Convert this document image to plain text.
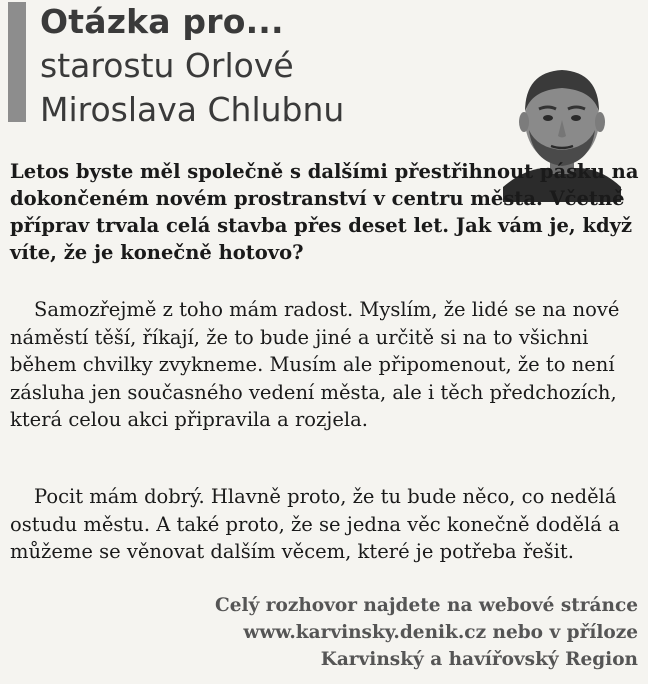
Otázka pro...
starostu Orlové
Miroslava Chlubnu

Letos byste měl společně s dalšími přestřihnout pásku na dokončeném novém prostranství v centru města. Včetně příprav trvala celá stavba přes deset let. Jak vám je, když víte, že je konečně hotovo?

Samozřejmě z toho mám radost. Myslím, že lidé se na nové náměstí těší, říkají, že to bude jiné a určitě si na to všichni během chvilky zvykneme. Musím ale připomenout, že to není zásluha jen současného vedení města, ale i těch předchozích, která celou akci připravila a rozjela.

Pocit mám dobrý. Hlavně proto, že tu bude něco, co nedělá ostudu městu. A také proto, že se jedna věc konečně dodělá a můžeme se věnovat dalším věcem, které je potřeba řešit.

Celý rozhovor najdete na webové stránce
www.karvinsky.denik.cz nebo v příloze
Karvinský a havířovský Region
